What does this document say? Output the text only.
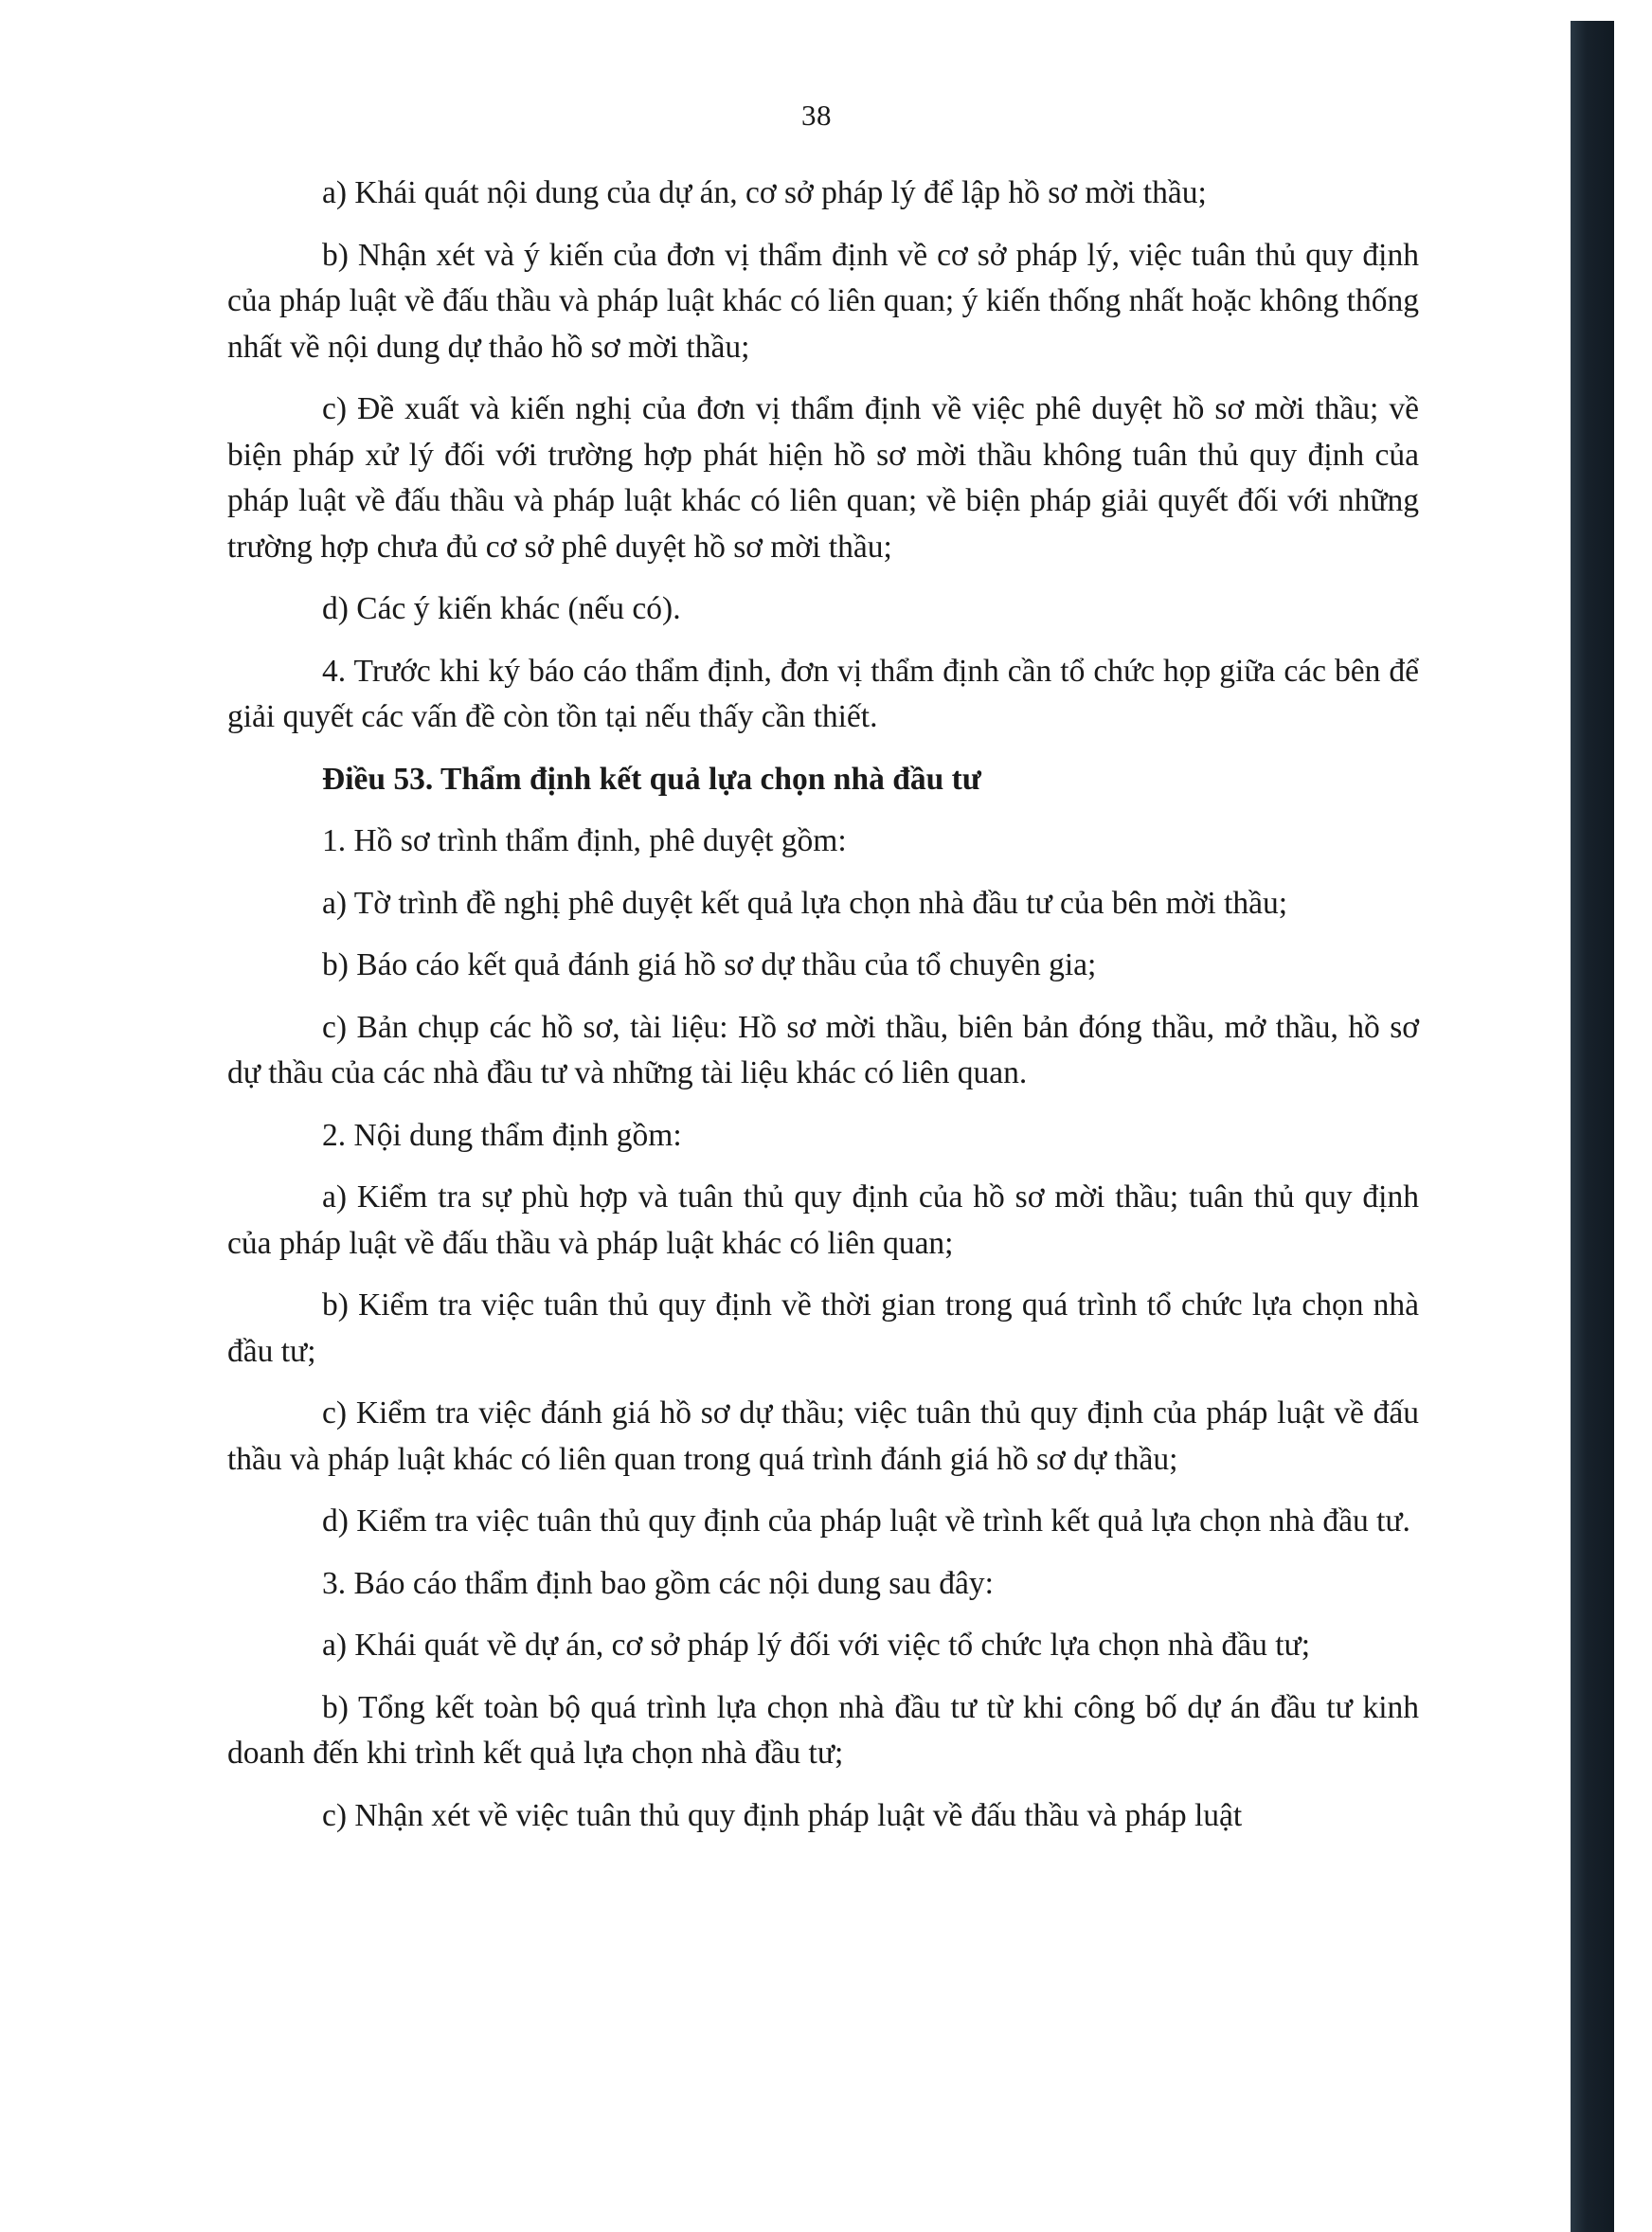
38

a) Khái quát nội dung của dự án, cơ sở pháp lý để lập hồ sơ mời thầu;

b) Nhận xét và ý kiến của đơn vị thẩm định về cơ sở pháp lý, việc tuân thủ quy định của pháp luật về đấu thầu và pháp luật khác có liên quan; ý kiến thống nhất hoặc không thống nhất về nội dung dự thảo hồ sơ mời thầu;

c) Đề xuất và kiến nghị của đơn vị thẩm định về việc phê duyệt hồ sơ mời thầu; về biện pháp xử lý đối với trường hợp phát hiện hồ sơ mời thầu không tuân thủ quy định của pháp luật về đấu thầu và pháp luật khác có liên quan; về biện pháp giải quyết đối với những trường hợp chưa đủ cơ sở phê duyệt hồ sơ mời thầu;

d) Các ý kiến khác (nếu có).

4. Trước khi ký báo cáo thẩm định, đơn vị thẩm định cần tổ chức họp giữa các bên để giải quyết các vấn đề còn tồn tại nếu thấy cần thiết.

Điều 53. Thẩm định kết quả lựa chọn nhà đầu tư

1. Hồ sơ trình thẩm định, phê duyệt gồm:

a) Tờ trình đề nghị phê duyệt kết quả lựa chọn nhà đầu tư của bên mời thầu;

b) Báo cáo kết quả đánh giá hồ sơ dự thầu của tổ chuyên gia;

c) Bản chụp các hồ sơ, tài liệu: Hồ sơ mời thầu, biên bản đóng thầu, mở thầu, hồ sơ dự thầu của các nhà đầu tư và những tài liệu khác có liên quan.

2. Nội dung thẩm định gồm:

a) Kiểm tra sự phù hợp và tuân thủ quy định của hồ sơ mời thầu; tuân thủ quy định của pháp luật về đấu thầu và pháp luật khác có liên quan;

b) Kiểm tra việc tuân thủ quy định về thời gian trong quá trình tổ chức lựa chọn nhà đầu tư;

c) Kiểm tra việc đánh giá hồ sơ dự thầu; việc tuân thủ quy định của pháp luật về đấu thầu và pháp luật khác có liên quan trong quá trình đánh giá hồ sơ dự thầu;

d) Kiểm tra việc tuân thủ quy định của pháp luật về trình kết quả lựa chọn nhà đầu tư.

3. Báo cáo thẩm định bao gồm các nội dung sau đây:

a) Khái quát về dự án, cơ sở pháp lý đối với việc tổ chức lựa chọn nhà đầu tư;

b) Tổng kết toàn bộ quá trình lựa chọn nhà đầu tư từ khi công bố dự án đầu tư kinh doanh đến khi trình kết quả lựa chọn nhà đầu tư;

c) Nhận xét về việc tuân thủ quy định pháp luật về đấu thầu và pháp luật
